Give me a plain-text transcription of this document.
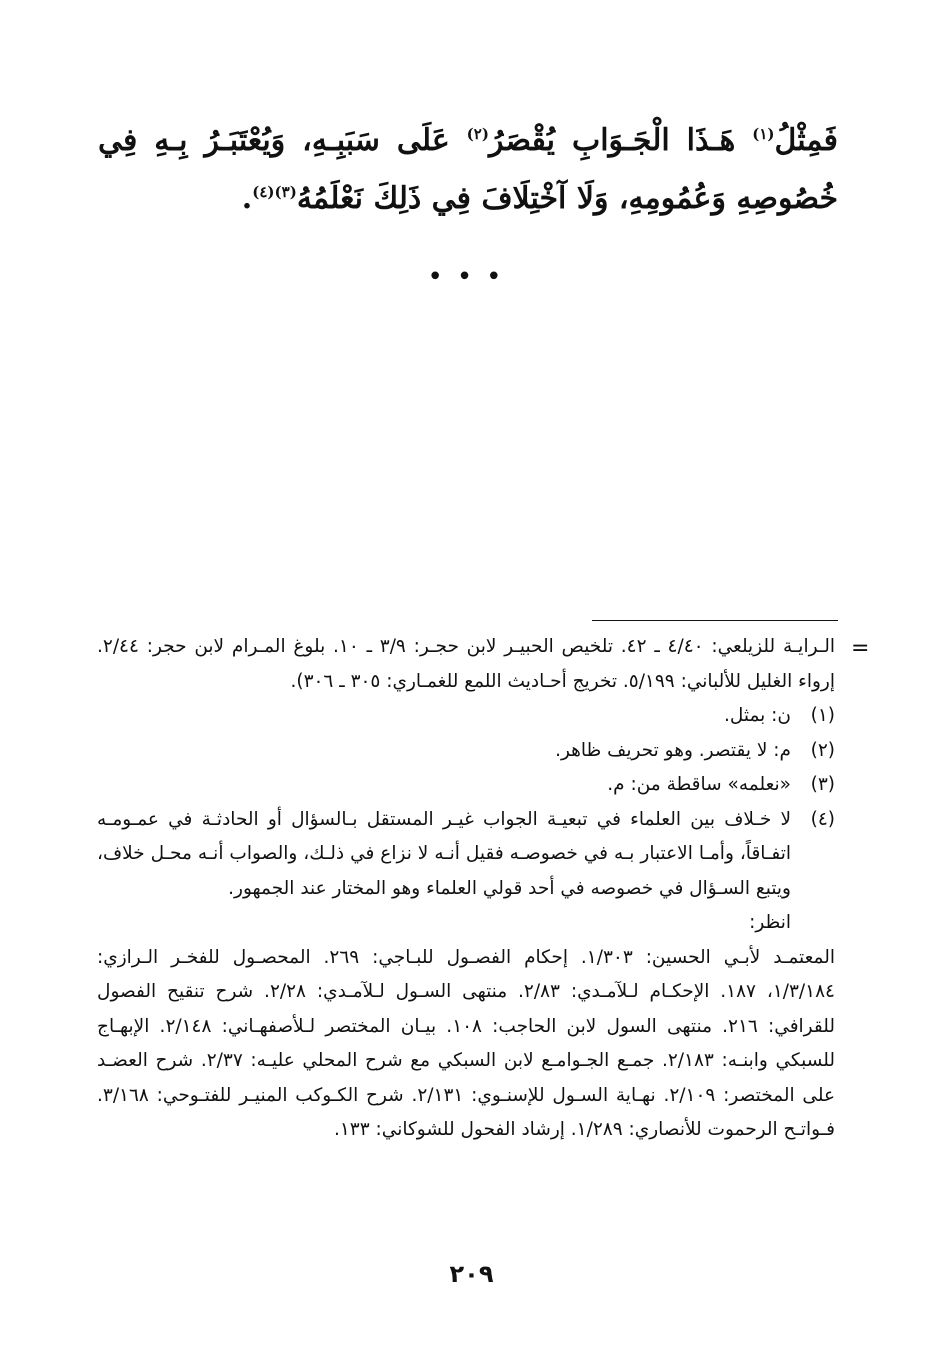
فَمِثْلُ$^{(١)}$ هَـذَا الْجَـوَابِ يُقْصَرُ$^{(٢)}$ عَلَى سَبَبِـهِ، وَيُعْتَبَـرُ بِـهِ فِي خُصُوصِهِ وَعُمُومِهِ، وَلَا آخْتِلَافَ فِي ذَلِكَ نَعْلَمُهُ$^{(٣)(٤)}$.
•••
=
الـرايـة للزيلعي: ٤/٤٠ ـ ٤٢. تلخيص الحبيـر لابن حجـر: ٣/٩ ـ ١٠. بلوغ المـرام لابن حجر: ٢/٤٤. إرواء الغليل للألباني: ٥/١٩٩. تخريج أحـاديث اللمع للغمـاري: ٣٠٥ ـ ٣٠٦).
(١)
ن: بمثل.
(٢)
م: لا يقتصر. وهو تحريف ظاهر.
(٣)
«نعلمه» ساقطة من: م.
(٤)
لا خـلاف بين العلماء في تبعيـة الجواب غيـر المستقل بـالسؤال أو الحادثـة في عمـومـه اتفـاقاً، وأمـا الاعتبار بـه في خصوصـه فقيل أنـه لا نزاع في ذلـك، والصواب أنـه محـل خلاف، ويتبع السـؤال في خصوصه في أحد قولي العلماء وهو المختار عند الجمهور.
انظر:
المعتمـد لأبـي الحسين: ١/٣٠٣. إحكام الفصـول للبـاجي: ٢٦٩. المحصـول للفخـر الـرازي: ١/٣/١٨٤، ١٨٧. الإحكـام لـلآمـدي: ٢/٨٣. منتهى السـول لـلآمـدي: ٢/٢٨. شرح تنقيح الفصول للقرافي: ٢١٦. منتهى السول لابن الحاجب: ١٠٨. بيـان المختصر لـلأصفهـاني: ٢/١٤٨. الإبهـاج للسبكي وابنـه: ٢/١٨٣. جمـع الجـوامـع لابن السبكي مع شرح المحلي عليـه: ٢/٣٧. شرح العضـد على المختصر: ٢/١٠٩. نهـاية السـول للإسنـوي: ٢/١٣١. شرح الكـوكب المنيـر للفتـوحي: ٣/١٦٨. فـواتـح الرحموت للأنصاري: ١/٢٨٩. إرشاد الفحول للشوكاني: ١٣٣.
٢٠٩
